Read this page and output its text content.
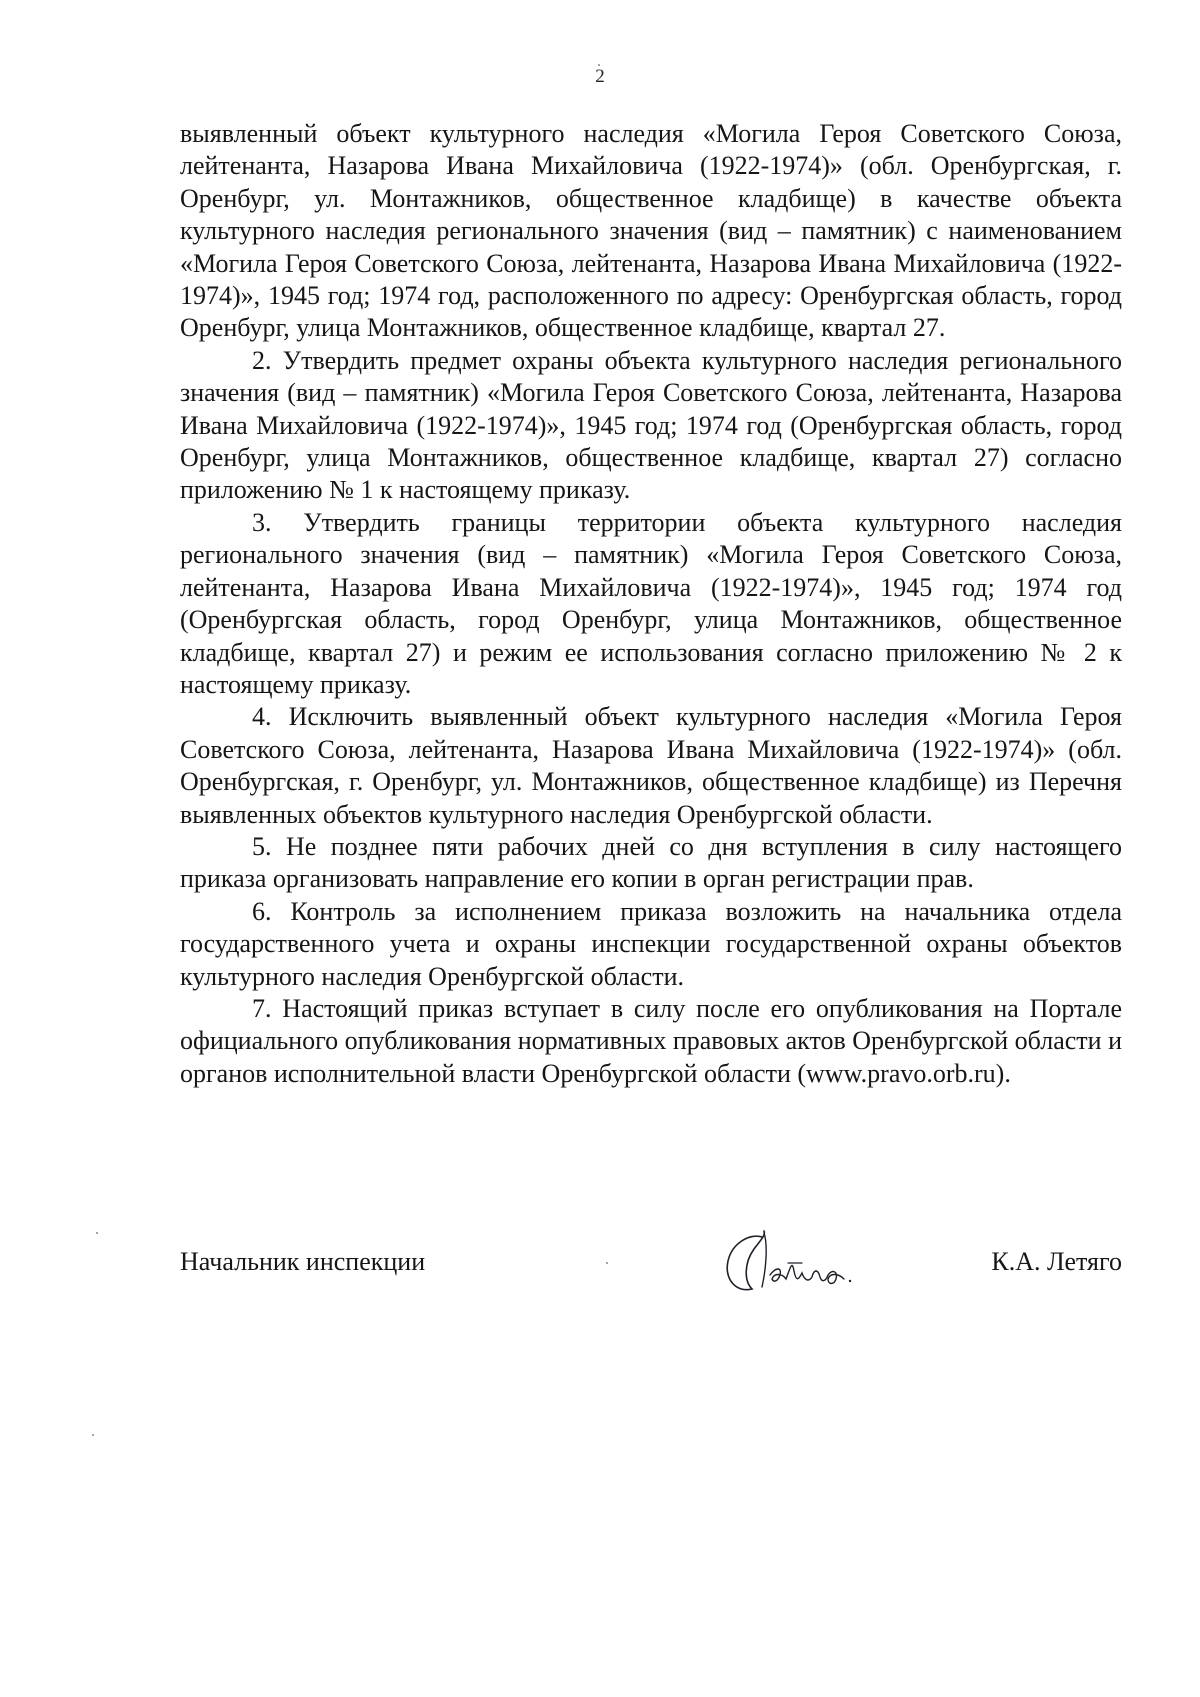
2

выявленный объект культурного наследия «Могила Героя Советского Союза, лейтенанта, Назарова Ивана Михайловича (1922-1974)» (обл. Оренбургская, г. Оренбург, ул. Монтажников, общественное кладбище) в качестве объекта культурного наследия регионального значения (вид – памятник) с наименованием «Могила Героя Советского Союза, лейтенанта, Назарова Ивана Михайловича (1922-1974)», 1945 год; 1974 год, расположенного по адресу: Оренбургская область, город Оренбург, улица Монтажников, общественное кладбище, квартал 27.

2. Утвердить предмет охраны объекта культурного наследия регионального значения (вид – памятник) «Могила Героя Советского Союза, лейтенанта, Назарова Ивана Михайловича (1922-1974)», 1945 год; 1974 год (Оренбургская область, город Оренбург, улица Монтажников, общественное кладбище, квартал 27) согласно приложению № 1 к настоящему приказу.

3. Утвердить границы территории объекта культурного наследия регионального значения (вид – памятник) «Могила Героя Советского Союза, лейтенанта, Назарова Ивана Михайловича (1922-1974)», 1945 год; 1974 год (Оренбургская область, город Оренбург, улица Монтажников, общественное кладбище, квартал 27) и режим ее использования согласно приложению № 2 к настоящему приказу.

4. Исключить выявленный объект культурного наследия «Могила Героя Советского Союза, лейтенанта, Назарова Ивана Михайловича (1922-1974)» (обл. Оренбургская, г. Оренбург, ул. Монтажников, общественное кладбище) из Перечня выявленных объектов культурного наследия Оренбургской области.

5. Не позднее пяти рабочих дней со дня вступления в силу настоящего приказа организовать направление его копии в орган регистрации прав.

6. Контроль за исполнением приказа возложить на начальника отдела государственного учета и охраны инспекции государственной охраны объектов культурного наследия Оренбургской области.

7. Настоящий приказ вступает в силу после его опубликования на Портале официального опубликования нормативных правовых актов Оренбургской области и органов исполнительной власти Оренбургской области (www.pravo.orb.ru).

Начальник инспекции	К.А. Летяго
